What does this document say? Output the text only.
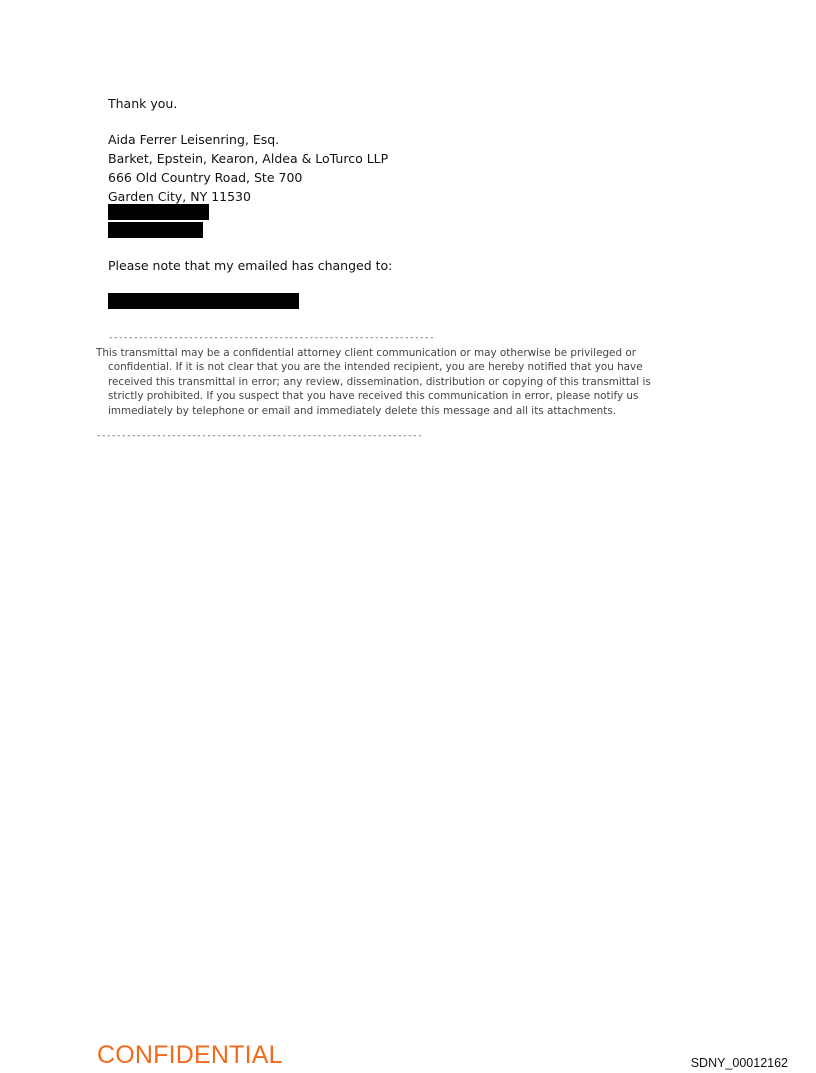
Thank you.
Aida Ferrer Leisenring, Esq.
Barket, Epstein, Kearon, Aldea & LoTurco LLP
666 Old Country Road, Ste 700
Garden City, NY 11530
Please note that my emailed has changed to:
-----------------------------------------------------------------
This transmittal may be a confidential attorney client communication or may otherwise be privileged or
confidential. If it is not clear that you are the intended recipient, you are hereby notified that you have
received this transmittal in error; any review, dissemination, distribution or copying of this transmittal is
strictly prohibited. If you suspect that you have received this communication in error, please notify us
immediately by telephone or email and immediately delete this message and all its attachments.
-----------------------------------------------------------------
CONFIDENTIAL	SDNY_00012162
